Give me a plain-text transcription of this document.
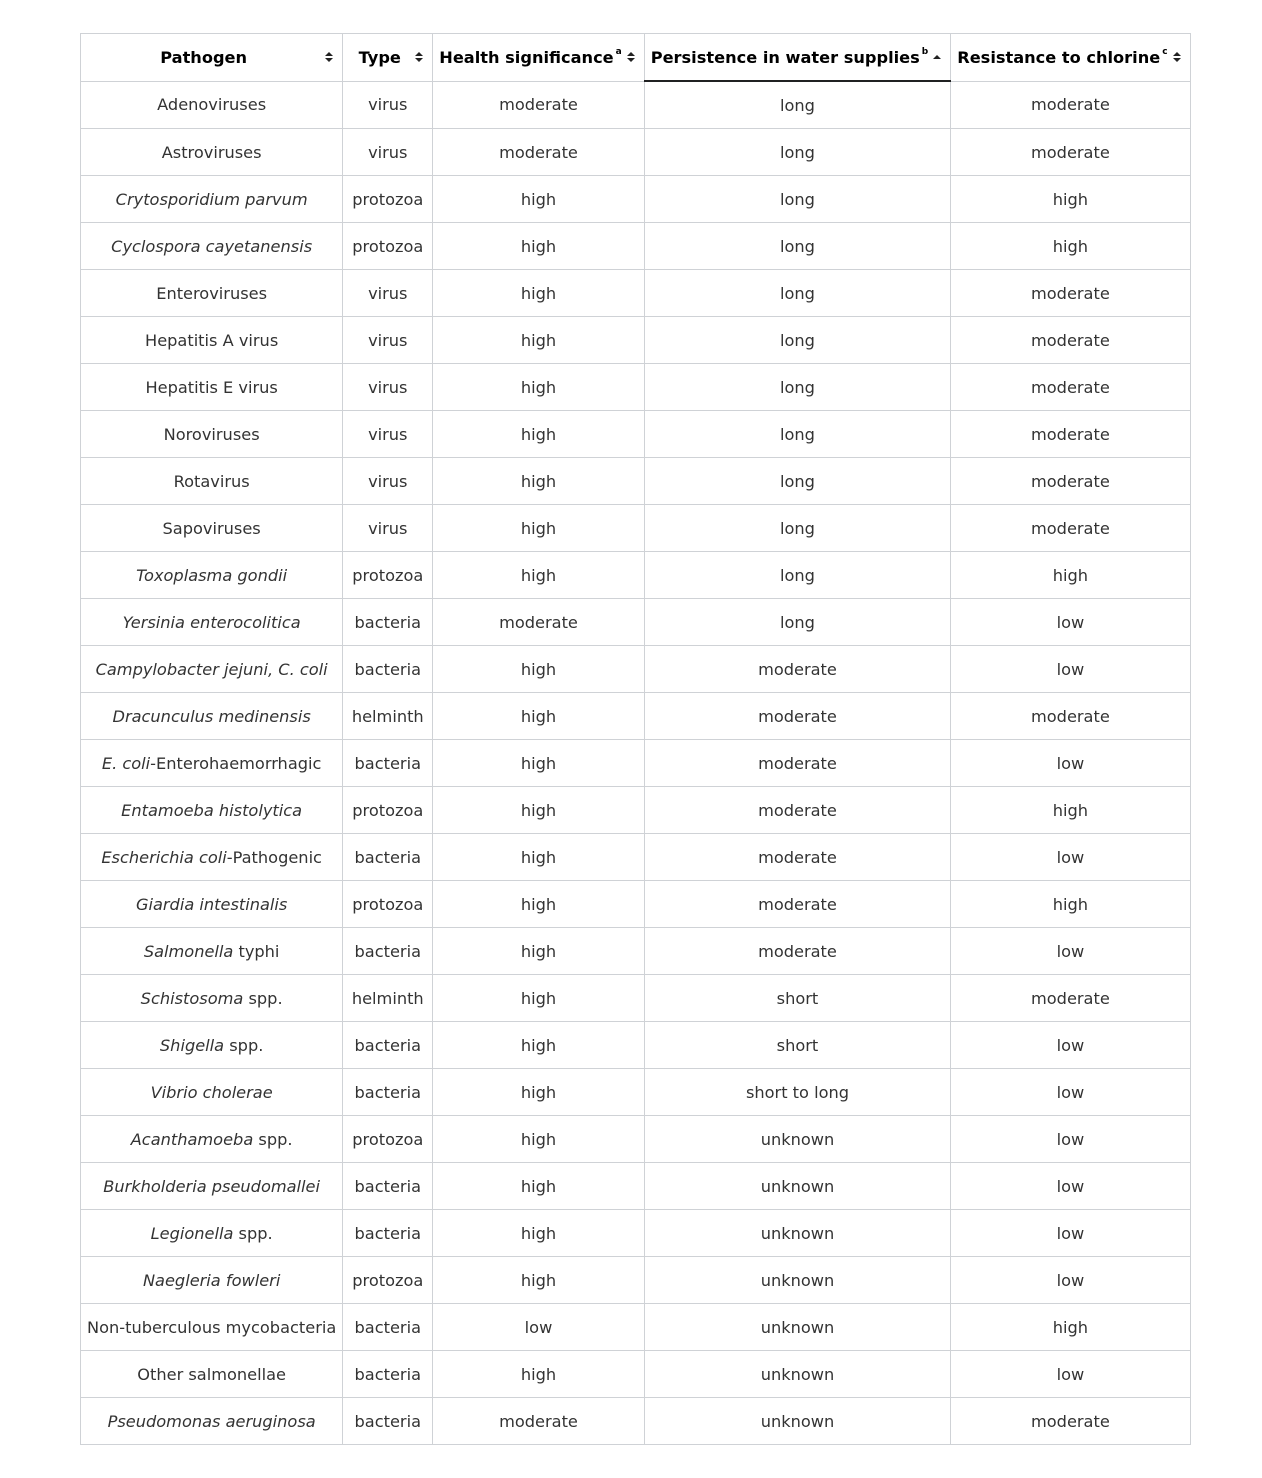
Pathogen	Type	Health significance $^a$	Persistence in water supplies $^b$	Resistance to chlorine $^c$

Adenoviruses	virus	moderate	long	moderate
Astroviruses	virus	moderate	long	moderate
Crytosporidium parvum	protozoa	high	long	high
Cyclospora cayetanensis	protozoa	high	long	high
Enteroviruses	virus	high	long	moderate
Hepatitis A virus	virus	high	long	moderate
Hepatitis E virus	virus	high	long	moderate
Noroviruses	virus	high	long	moderate
Rotavirus	virus	high	long	moderate
Sapoviruses	virus	high	long	moderate
Toxoplasma gondii	protozoa	high	long	high
Yersinia enterocolitica	bacteria	moderate	long	low
Campylobacter jejuni, C. coli	bacteria	high	moderate	low
Dracunculus medinensis	helminth	high	moderate	moderate
E. coli-Enterohaemorrhagic	bacteria	high	moderate	low
Entamoeba histolytica	protozoa	high	moderate	high
Escherichia coli-Pathogenic	bacteria	high	moderate	low
Giardia intestinalis	protozoa	high	moderate	high
Salmonella typhi	bacteria	high	moderate	low
Schistosoma spp.	helminth	high	short	moderate
Shigella spp.	bacteria	high	short	low
Vibrio cholerae	bacteria	high	short to long	low
Acanthamoeba spp.	protozoa	high	unknown	low
Burkholderia pseudomallei	bacteria	high	unknown	low
Legionella spp.	bacteria	high	unknown	low
Naegleria fowleri	protozoa	high	unknown	low
Non-tuberculous mycobacteria	bacteria	low	unknown	high
Other salmonellae	bacteria	high	unknown	low
Pseudomonas aeruginosa	bacteria	moderate	unknown	moderate
